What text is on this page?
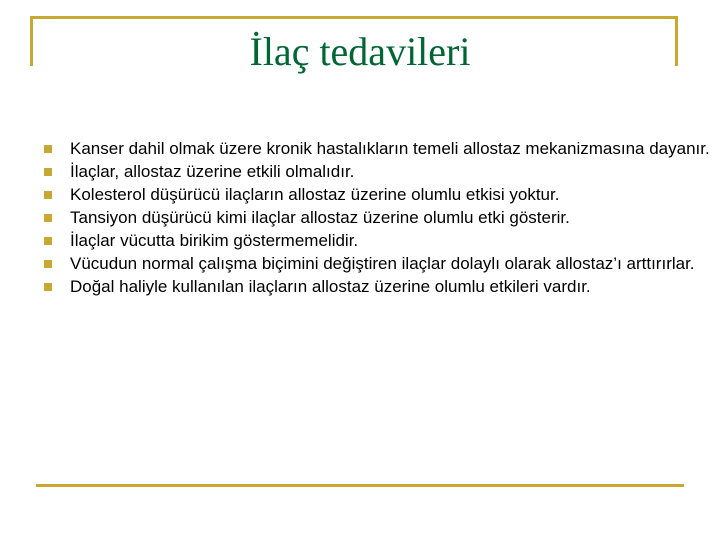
İlaç tedavileri
Kanser dahil olmak üzere kronik hastalıkların temeli allostaz mekanizmasına dayanır.
İlaçlar, allostaz üzerine etkili olmalıdır.
Kolesterol düşürücü ilaçların allostaz üzerine olumlu etkisi yoktur.
Tansiyon düşürücü kimi ilaçlar allostaz üzerine olumlu etki gösterir.
İlaçlar vücutta birikim göstermemelidir.
Vücudun normal çalışma biçimini değiştiren ilaçlar dolaylı olarak allostaz’ı arttırırlar.
Doğal haliyle kullanılan ilaçların allostaz üzerine olumlu etkileri vardır.
